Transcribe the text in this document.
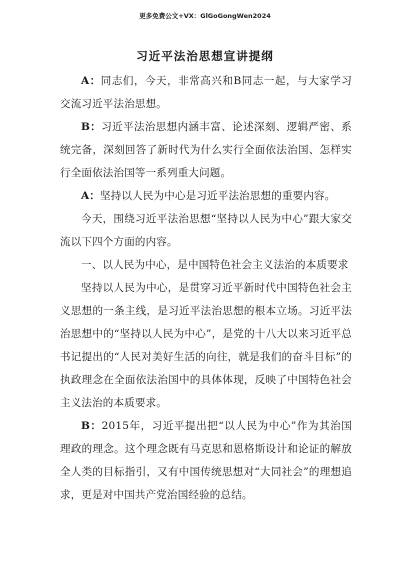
更多免费公文+VX：GlGoGongWen2024
习近平法治思想宣讲提纲

A：同志们，今天，非常高兴和B同志一起，与大家学习交流习近平法治思想。

B：习近平法治思想内涵丰富、论述深刻、逻辑严密、系统完备，深刻回答了新时代为什么实行全面依法治国、怎样实行全面依法治国等一系列重大问题。

A：坚持以人民为中心是习近平法治思想的重要内容。

今天，围绕习近平法治思想“坚持以人民为中心”跟大家交流以下四个方面的内容。

一、以人民为中心，是中国特色社会主义法治的本质要求

坚持以人民为中心，是贯穿习近平新时代中国特色社会主义思想的一条主线，是习近平法治思想的根本立场。习近平法治思想中的“坚持以人民为中心”，是党的十八大以来习近平总书记提出的“人民对美好生活的向往，就是我们的奋斗目标”的执政理念在全面依法治国中的具体体现，反映了中国特色社会主义法治的本质要求。

B：2015年，习近平提出把“以人民为中心”作为其治国理政的理念。这个理念既有马克思和恩格斯设计和论证的解放全人类的目标指引，又有中国传统思想对“大同社会”的理想追求，更是对中国共产党治国经验的总结。
